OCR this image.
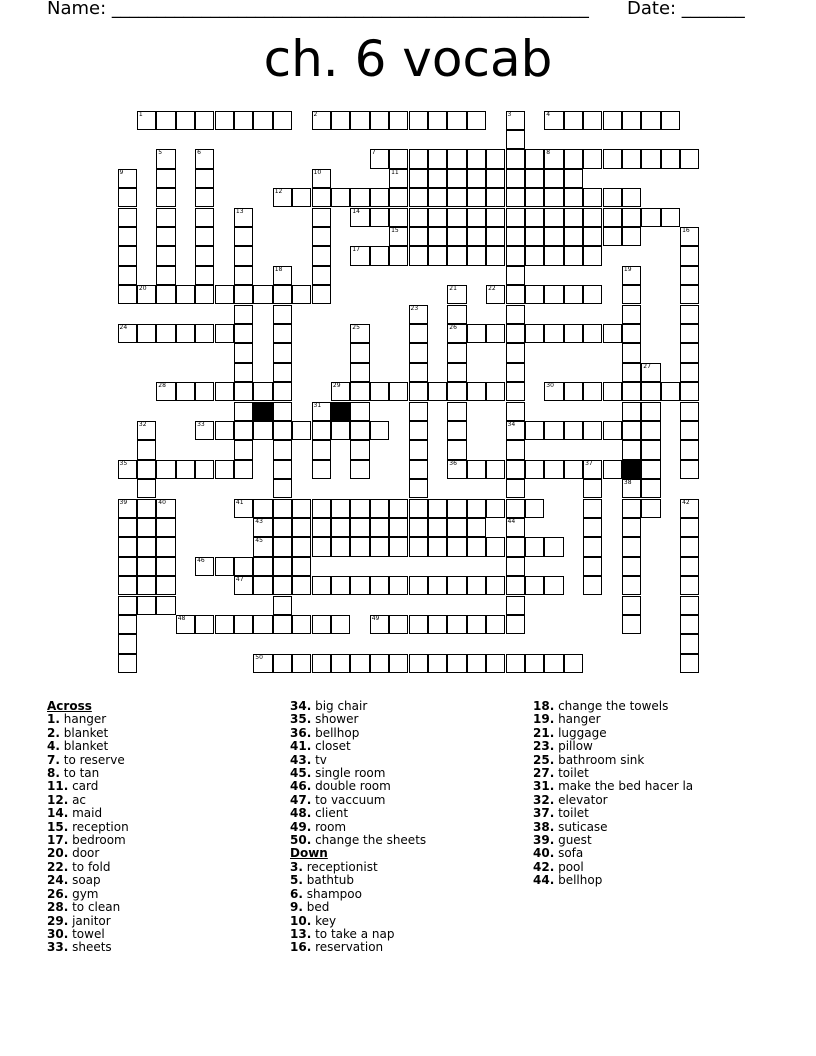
Name: _____________________________________________________ Date: _______
ch. 6 vocab
1	2	4
3
34
5	6	7	8
9	10	11
12
13	14
15	16
17
18	19
38
20	21
26
22
23
24	25
27
28	29	30
31
32	33
35	36	37
39	40	41	42
43	44
45
46
47
48	49
50
Across
1. hanger
2. blanket
4. blanket
7. to reserve
8. to tan
11. card
12. ac
14. maid
15. reception
17. bedroom
20. door
22. to fold
24. soap
26. gym
28. to clean
29. janitor
30. towel
33. sheets
34. big chair
35. shower
36. bellhop
41. closet
43. tv
45. single room
46. double room
47. to vaccuum
48. client
49. room
50. change the sheets
Down
3. receptionist
5. bathtub
6. shampoo
9. bed
10. key
13. to take a nap
16. reservation
18. change the towels
19. hanger
21. luggage
23. pillow
25. bathroom sink
27. toilet
31. make the bed hacer la
32. elevator
37. toilet
38. suticase
39. guest
40. sofa
42. pool
44. bellhop
